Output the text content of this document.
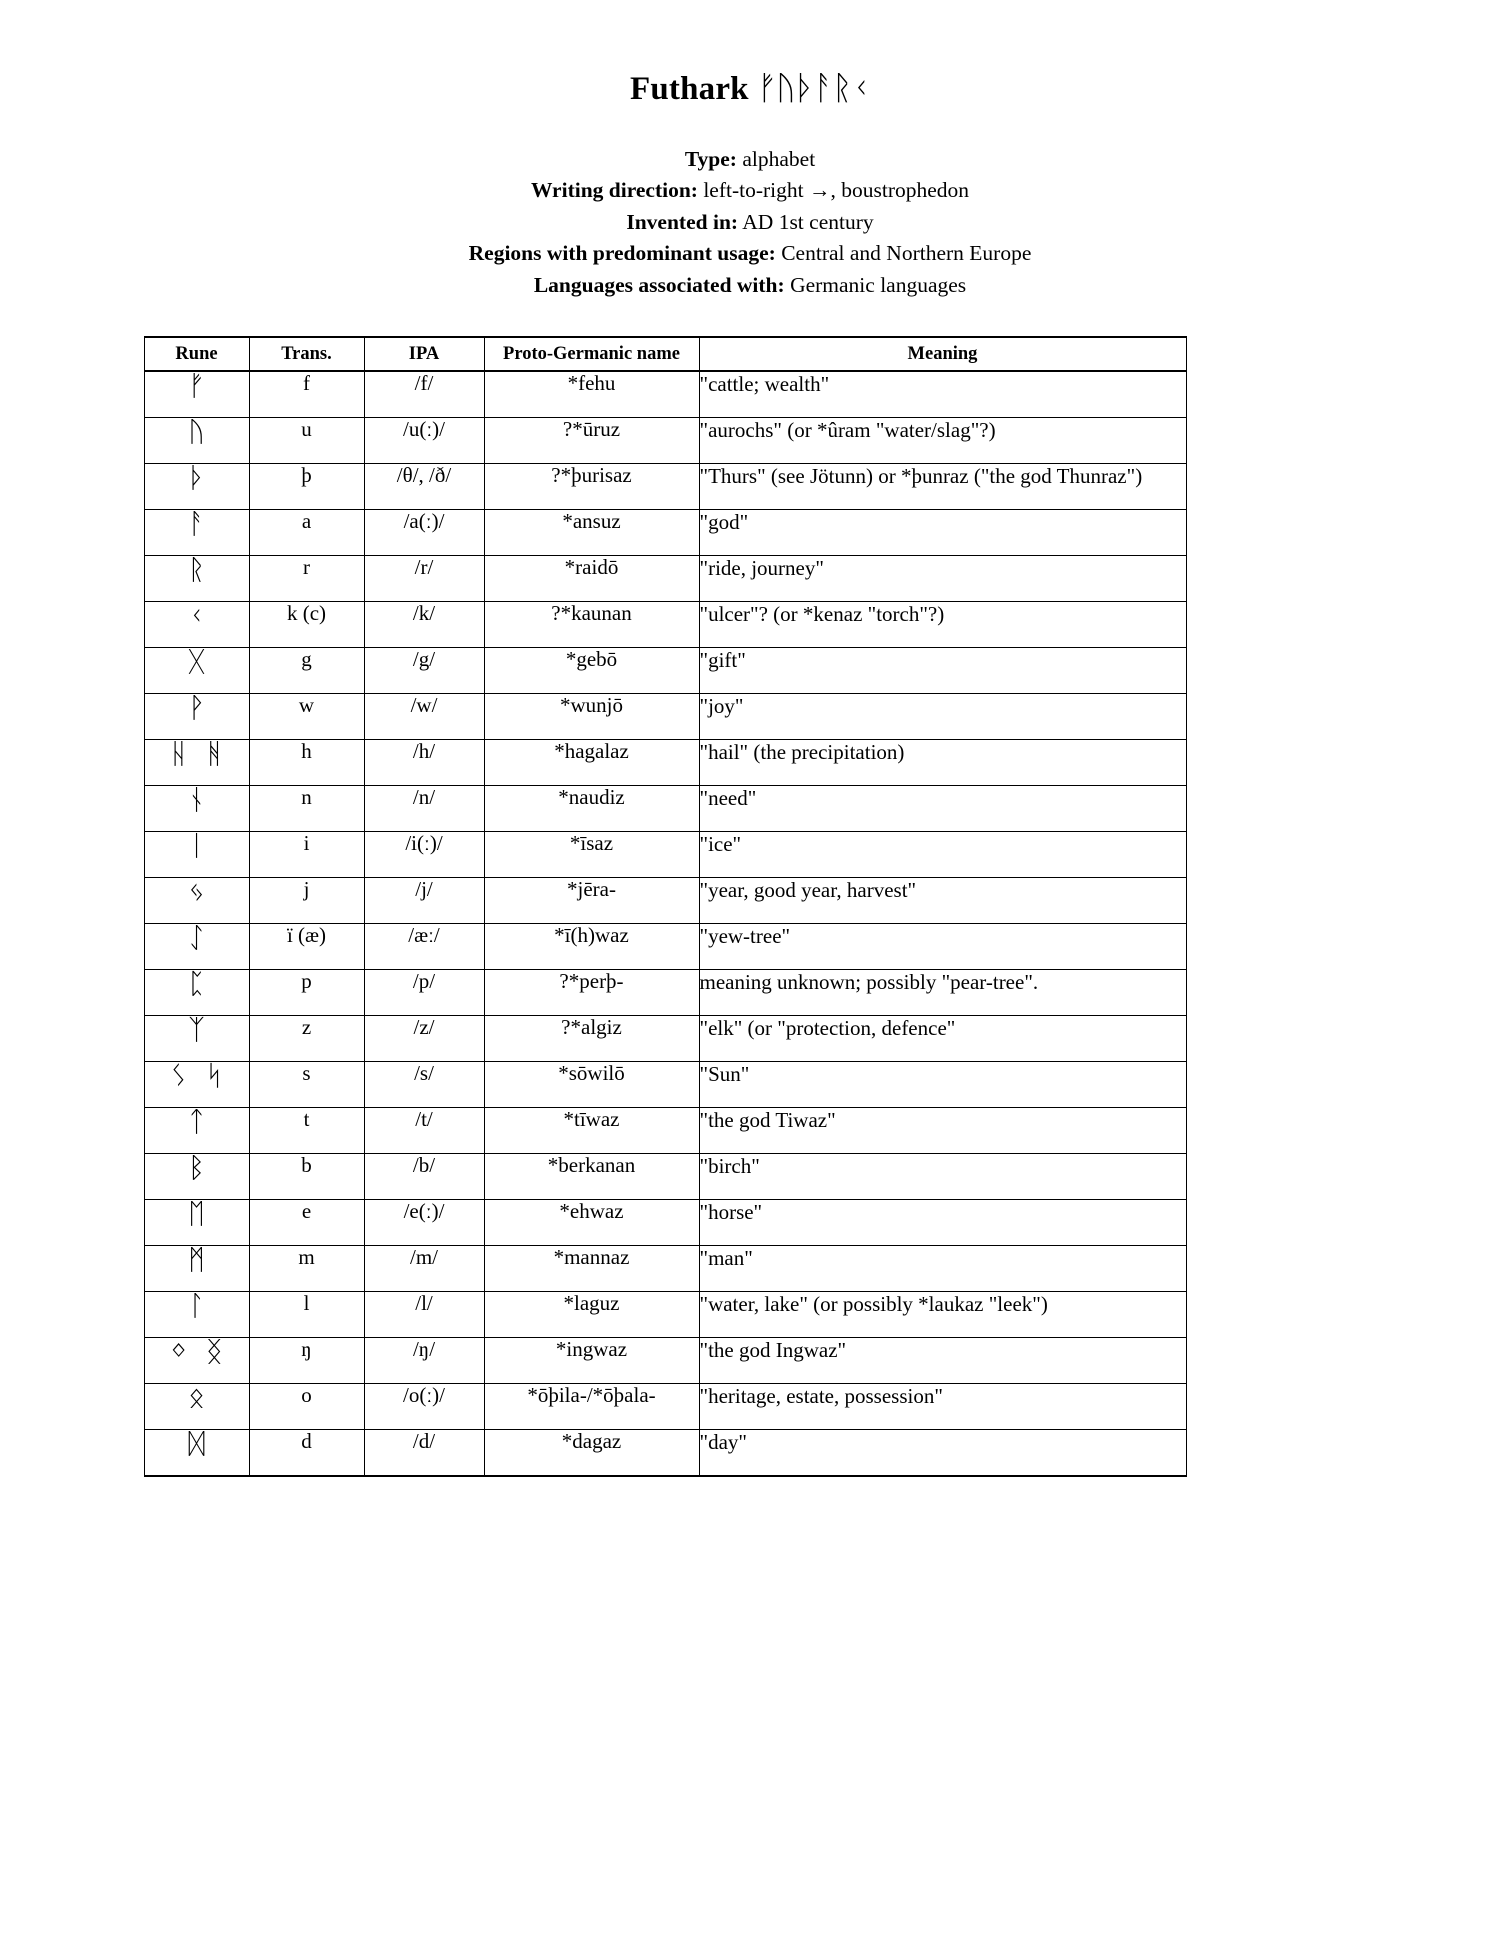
Futhark ᚠᚢᚦᚨᚱᚲ
Type: alphabet
Writing direction: left-to-right →, boustrophedon
Invented in: AD 1st century
Regions with predominant usage: Central and Northern Europe
Languages associated with: Germanic languages
Rune	Trans.	IPA	Proto-Germanic name	Meaning
ᚠ	f	/f/	*fehu	"cattle; wealth"
ᚢ	u	/u(ː)/	?*ūruz	"aurochs" (or *ûram "water/slag"?)
ᚦ	þ	/θ/, /ð/	?*þurisaz	"Thurs" (see Jötunn) or *þunraz ("the god Thunraz")
ᚨ	a	/a(ː)/	*ansuz	"god"
ᚱ	r	/r/	*raidō	"ride, journey"
ᚲ	k (c)	/k/	?*kaunan	"ulcer"? (or *kenaz "torch"?)
ᚷ	g	/g/	*gebō	"gift"
ᚹ	w	/w/	*wunjō	"joy"
ᚺ ᚻ	h	/h/	*hagalaz	"hail" (the precipitation)
ᚾ	n	/n/	*naudiz	"need"
ᛁ	i	/i(ː)/	*īsaz	"ice"
ᛃ	j	/j/	*jēra-	"year, good year, harvest"
ᛇ	ï (æ)	/æː/	*ī(h)waz	"yew-tree"
ᛈ	p	/p/	?*perþ-	meaning unknown; possibly "pear-tree".
ᛉ	z	/z/	?*algiz	"elk" (or "protection, defence"
ᛊ ᛋ	s	/s/	*sōwilō	"Sun"
ᛏ	t	/t/	*tīwaz	"the god Tiwaz"
ᛒ	b	/b/	*berkanan	"birch"
ᛖ	e	/e(ː)/	*ehwaz	"horse"
ᛗ	m	/m/	*mannaz	"man"
ᛚ	l	/l/	*laguz	"water, lake" (or possibly *laukaz "leek")
ᛜ ᛝ	ŋ	/ŋ/	*ingwaz	"the god Ingwaz"
ᛟ	o	/o(ː)/	*ōþila-/*ōþala-	"heritage, estate, possession"
ᛞ	d	/d/	*dagaz	"day"
